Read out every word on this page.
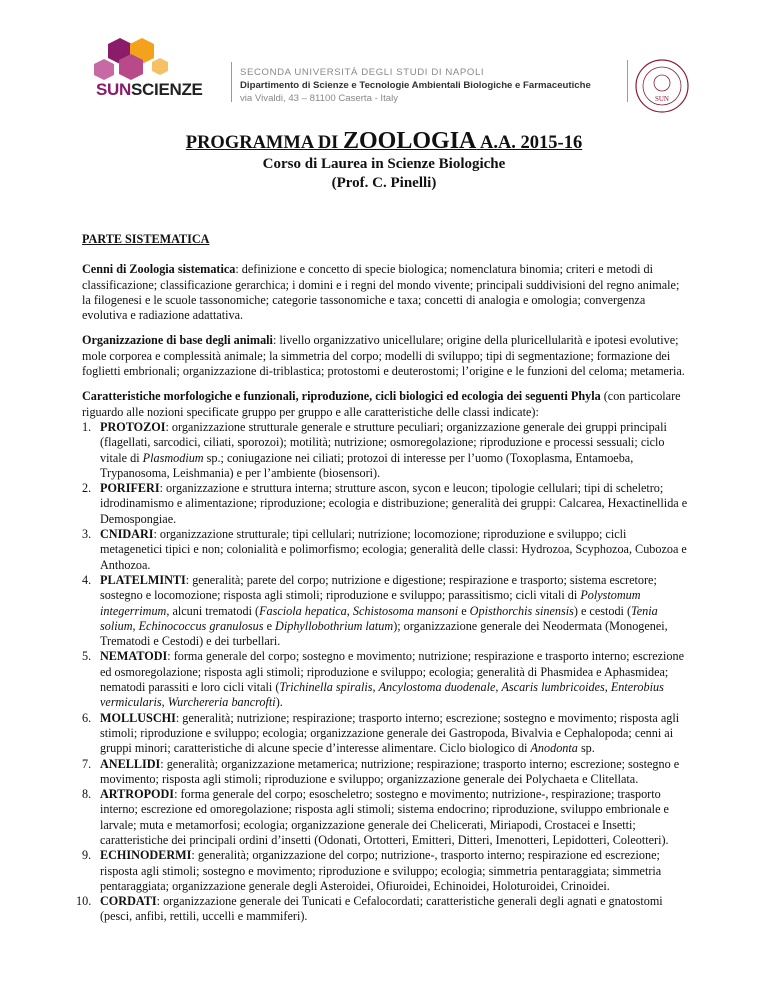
SUNSCIENZE
SECONDA UNIVERSITÀ DEGLI STUDI DI NAPOLI
Dipartimento di Scienze e Tecnologie Ambientali Biologiche e Farmaceutiche
via Vivaldi, 43 – 81100 Caserta - Italy	SUN
PROGRAMMA DI ZOOLOGIA A.A. 2015-16
Corso di Laurea in Scienze Biologiche
(Prof. C. Pinelli)
PARTE SISTEMATICA

Cenni di Zoologia sistematica: definizione e concetto di specie biologica; nomenclatura binomia; criteri e metodi di classificazione; classificazione gerarchica; i domini e i regni del mondo vivente; principali suddivisioni del regno animale; la filogenesi e le scuole tassonomiche; categorie tassonomiche e taxa; concetti di analogia e omologia; convergenza evolutiva e radiazione adattativa.

Organizzazione di base degli animali: livello organizzativo unicellulare; origine della pluricellularità e ipotesi evolutive; mole corporea e complessità animale; la simmetria del corpo; modelli di sviluppo; tipi di segmentazione; formazione dei foglietti embrionali; organizzazione di-triblastica; protostomi e deuterostomi; l’origine e le funzioni del celoma; metameria.

Caratteristiche morfologiche e funzionali, riproduzione, cicli biologici ed ecologia dei seguenti Phyla (con particolare riguardo alle nozioni specificate gruppo per gruppo e alle caratteristiche delle classi indicate):

1. PROTOZOI: organizzazione strutturale generale e strutture peculiari; organizzazione generale dei gruppi principali (flagellati, sarcodici, ciliati, sporozoi); motilità; nutrizione; osmoregolazione; riproduzione e processi sessuali; ciclo vitale di Plasmodium sp.; coniugazione nei ciliati; protozoi di interesse per l’uomo (Toxoplasma, Entamoeba, Trypanosoma, Leishmania) e per l’ambiente (biosensori).
2. PORIFERI: organizzazione e struttura interna; strutture ascon, sycon e leucon; tipologie cellulari; tipi di scheletro; idrodinamismo e alimentazione; riproduzione; ecologia e distribuzione; generalità dei gruppi: Calcarea, Hexactinellida e Demospongiae.
3. CNIDARI: organizzazione strutturale; tipi cellulari; nutrizione; locomozione; riproduzione e sviluppo; cicli metagenetici tipici e non; colonialità e polimorfismo; ecologia; generalità delle classi: Hydrozoa, Scyphozoa, Cubozoa e Anthozoa.
4. PLATELMINTI: generalità; parete del corpo; nutrizione e digestione; respirazione e trasporto; sistema escretore; sostegno e locomozione; risposta agli stimoli; riproduzione e sviluppo; parassitismo; cicli vitali di Polystomum integerrimum, alcuni trematodi (Fasciola hepatica, Schistosoma mansoni e Opisthorchis sinensis) e cestodi (Tenia solium, Echinococcus granulosus e Diphyllobothrium latum); organizzazione generale dei Neodermata (Monogenei, Trematodi e Cestodi) e dei turbellari.
5. NEMATODI: forma generale del corpo; sostegno e movimento; nutrizione; respirazione e trasporto interno; escrezione ed osmoregolazione; risposta agli stimoli; riproduzione e sviluppo; ecologia; generalità di Phasmidea e Aphasmidea; nematodi parassiti e loro cicli vitali (Trichinella spiralis, Ancylostoma duodenale, Ascaris lumbricoides, Enterobius vermicularis, Wurchereria bancrofti).
6. MOLLUSCHI: generalità; nutrizione; respirazione; trasporto interno; escrezione; sostegno e movimento; risposta agli stimoli; riproduzione e sviluppo; ecologia; organizzazione generale dei Gastropoda, Bivalvia e Cephalopoda; cenni ai gruppi minori; caratteristiche di alcune specie d’interesse alimentare. Ciclo biologico di Anodonta sp.
7. ANELLIDI: generalità; organizzazione metamerica; nutrizione; respirazione; trasporto interno; escrezione; sostegno e movimento; risposta agli stimoli; riproduzione e sviluppo; organizzazione generale dei Polychaeta e Clitellata.
8. ARTROPODI: forma generale del corpo; esoscheletro; sostegno e movimento; nutrizione-, respirazione; trasporto interno; escrezione ed omoregolazione; risposta agli stimoli; sistema endocrino; riproduzione, sviluppo embrionale e larvale; muta e metamorfosi; ecologia; organizzazione generale dei Chelicerati, Miriapodi, Crostacei e Insetti; caratteristiche dei principali ordini d’insetti (Odonati, Ortotteri, Emitteri, Ditteri, Imenotteri, Lepidotteri, Coleotteri).
9. ECHINODERMI: generalità; organizzazione del corpo; nutrizione-, trasporto interno; respirazione ed escrezione; risposta agli stimoli; sostegno e movimento; riproduzione e sviluppo; ecologia; simmetria pentaraggiata; simmetria pentaraggiata; organizzazione generale degli Asteroidei, Ofiuroidei, Echinoidei, Holoturoidei, Crinoidei.
10. CORDATI: organizzazione generale dei Tunicati e Cefalocordati; caratteristiche generali degli agnati e gnatostomi (pesci, anfibi, rettili, uccelli e mammiferi).
